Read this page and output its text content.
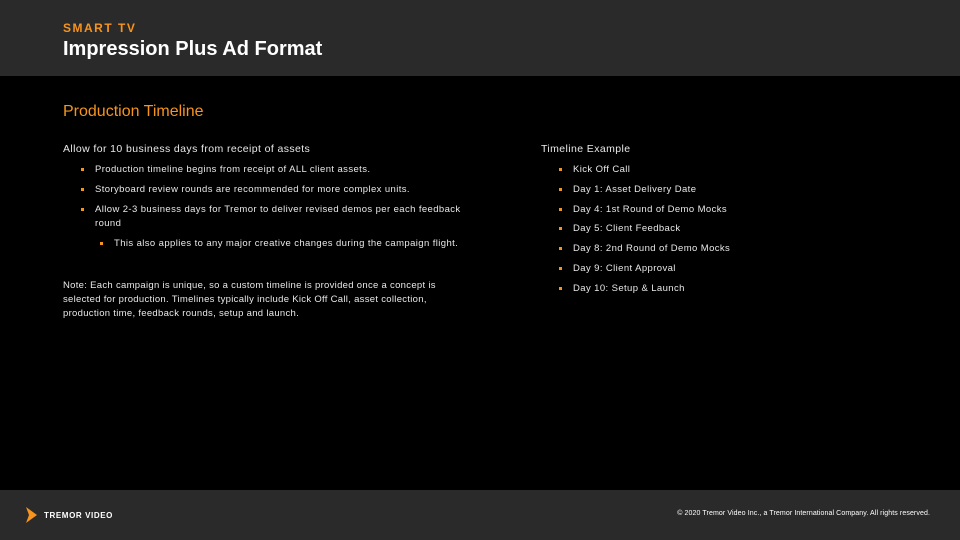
SMART TV
Impression Plus Ad Format
Production Timeline
Allow for 10 business days from receipt of assets
Production timeline begins from receipt of ALL client assets.
Storyboard review rounds are recommended for more complex units.
Allow 2-3 business days for Tremor to deliver revised demos per each feedback round
This also applies to any major creative changes during the campaign flight.
Note: Each campaign is unique, so a custom timeline is provided once a concept is selected for production. Timelines typically include Kick Off Call, asset collection, production time, feedback rounds, setup and launch.
Timeline Example
Kick Off Call
Day 1: Asset Delivery Date
Day 4: 1st Round of Demo Mocks
Day 5: Client Feedback
Day 8: 2nd Round of Demo Mocks
Day 9: Client Approval
Day 10: Setup & Launch
TREMOR VIDEO	© 2020 Tremor Video Inc., a Tremor International Company. All rights reserved.
